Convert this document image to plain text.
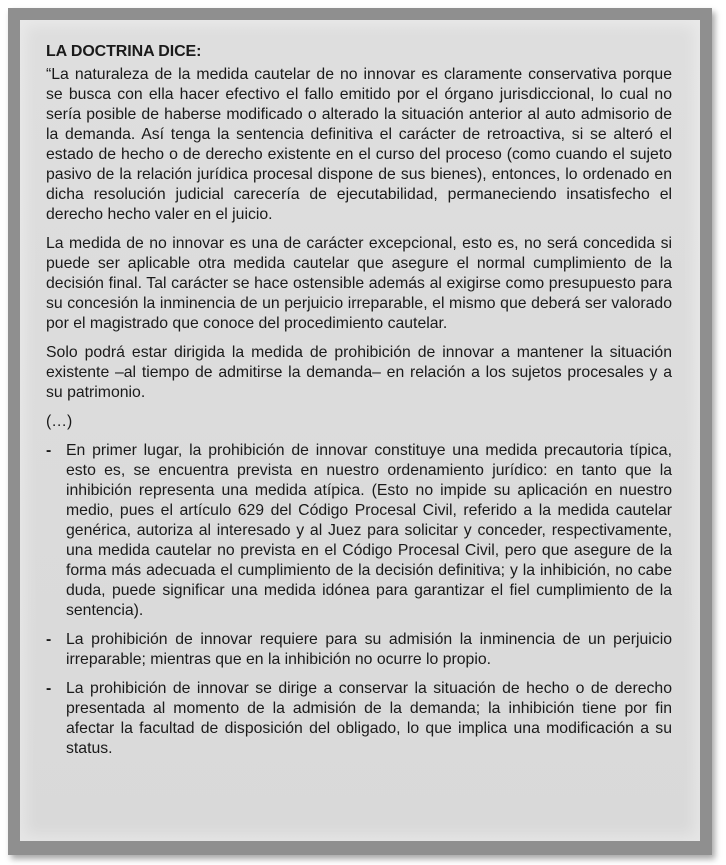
LA DOCTRINA DICE:

“La naturaleza de la medida cautelar de no innovar es claramente conservativa porque se busca con ella hacer efectivo el fallo emitido por el órgano jurisdiccional, lo cual no sería posible de haberse modificado o alterado la situación anterior al auto admisorio de la demanda. Así tenga la sentencia definitiva el carácter de retroactiva, si se alteró el estado de hecho o de derecho existente en el curso del proceso (como cuando el sujeto pasivo de la relación jurídica procesal dispone de sus bienes), entonces, lo ordenado en dicha resolución judicial carecería de ejecutabilidad, permaneciendo insatisfecho el derecho hecho valer en el juicio.

La medida de no innovar es una de carácter excepcional, esto es, no será concedida si puede ser aplicable otra medida cautelar que asegure el normal cumplimiento de la decisión final. Tal carácter se hace ostensible además al exigirse como presupuesto para su concesión la inminencia de un perjuicio irreparable, el mismo que deberá ser valorado por el magistrado que conoce del procedimiento cautelar.

Solo podrá estar dirigida la medida de prohibición de innovar a mantener la situación existente –al tiempo de admitirse la demanda– en relación a los sujetos procesales y a su patrimonio.

(…)
- En primer lugar, la prohibición de innovar constituye una medida precautoria típica, esto es, se encuentra prevista en nuestro ordenamiento jurídico: en tanto que la inhibición representa una medida atípica. (Esto no impide su aplicación en nuestro medio, pues el artículo 629 del Código Procesal Civil, referido a la medida cautelar genérica, autoriza al interesado y al Juez para solicitar y conceder, respectivamente, una medida cautelar no prevista en el Código Procesal Civil, pero que asegure de la forma más adecuada el cumplimiento de la decisión definitiva; y la inhibición, no cabe duda, puede significar una medida idónea para garantizar el fiel cumplimiento de la sentencia).
- La prohibición de innovar requiere para su admisión la inminencia de un perjuicio irreparable; mientras que en la inhibición no ocurre lo propio.
- La prohibición de innovar se dirige a conservar la situación de hecho o de derecho presentada al momento de la admisión de la demanda; la inhibición tiene por fin afectar la facultad de disposición del obligado, lo que implica una modificación a su status.
